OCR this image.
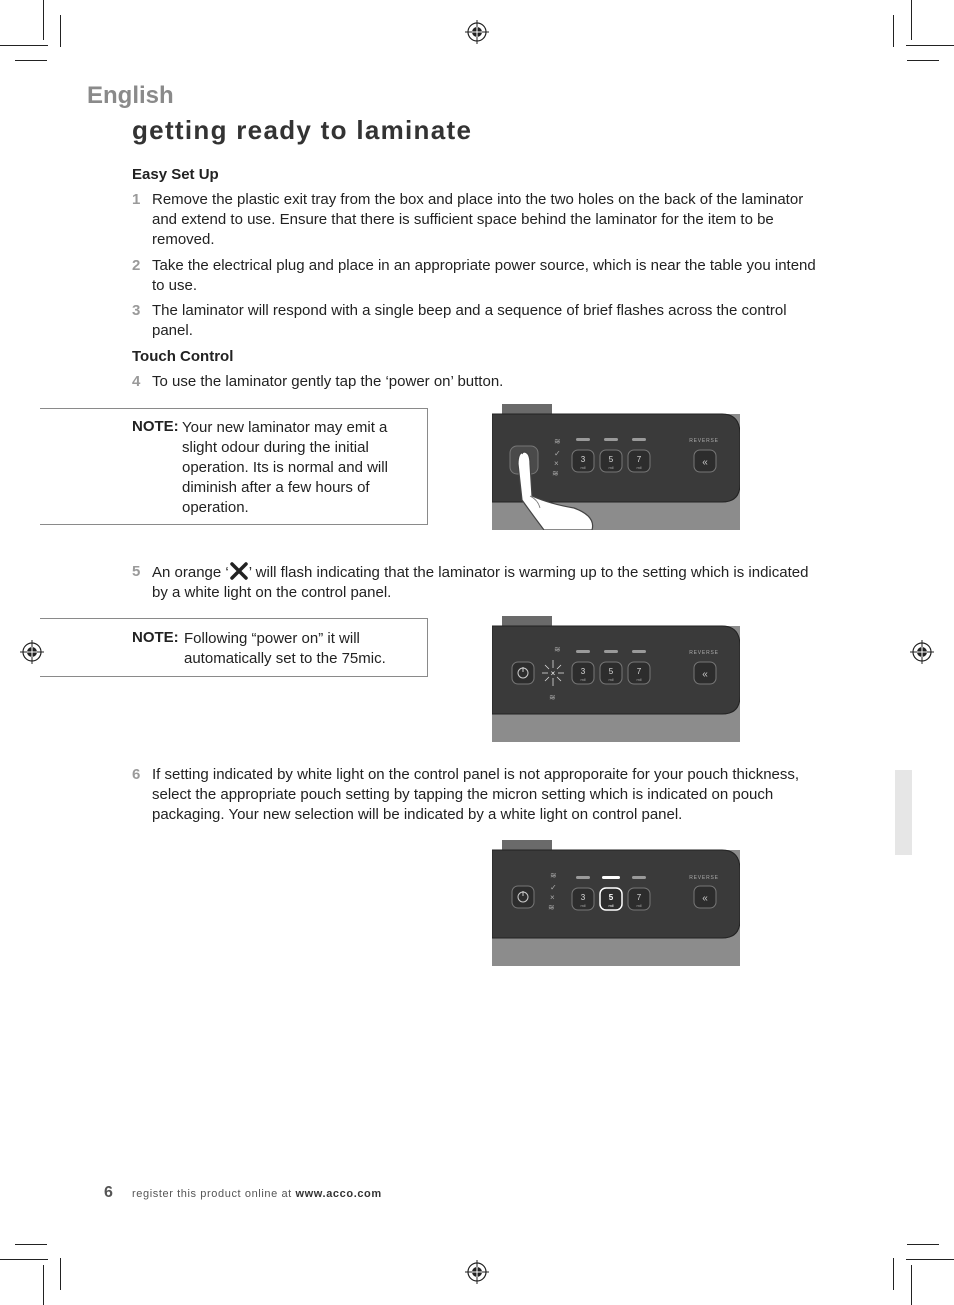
English
getting ready to laminate
Easy Set Up
1 Remove the plastic exit tray from the box and place into the two holes on the back of the laminator and extend to use. Ensure that there is sufficient space behind the laminator for the item to be removed.
2 Take the electrical plug and place in an appropriate power source, which is near the table you intend to use.
3 The laminator will respond with a single beep and a sequence of brief flashes across the control panel.
Touch Control
4 To use the laminator gently tap the ‘power on’ button.
NOTE: Your new laminator may emit a slight odour during the initial operation. Its is normal and will diminish after a few hours of operation.
≋
✓
×
≋
3	5	7
mil	mil	mil
REVERSE
«
5 An orange ‘ ’ will flash indicating that the laminator is warming up to the setting which is indicated by a white light on the control panel.
NOTE: Following “power on” it will automatically set to the 75mic.
≋
×
≋
3	5	7
mil	mil	mil
REVERSE
«
6 If setting indicated by white light on the control panel is not approporaite for your pouch thickness, select the appropriate pouch setting by tapping the micron setting which is indicated on pouch packaging. Your new selection will be indicated by a white light on control panel.
≋
✓
×
≋
3	5	7
mil	mil	mil
REVERSE
«
6 register this product online at www.acco.com
